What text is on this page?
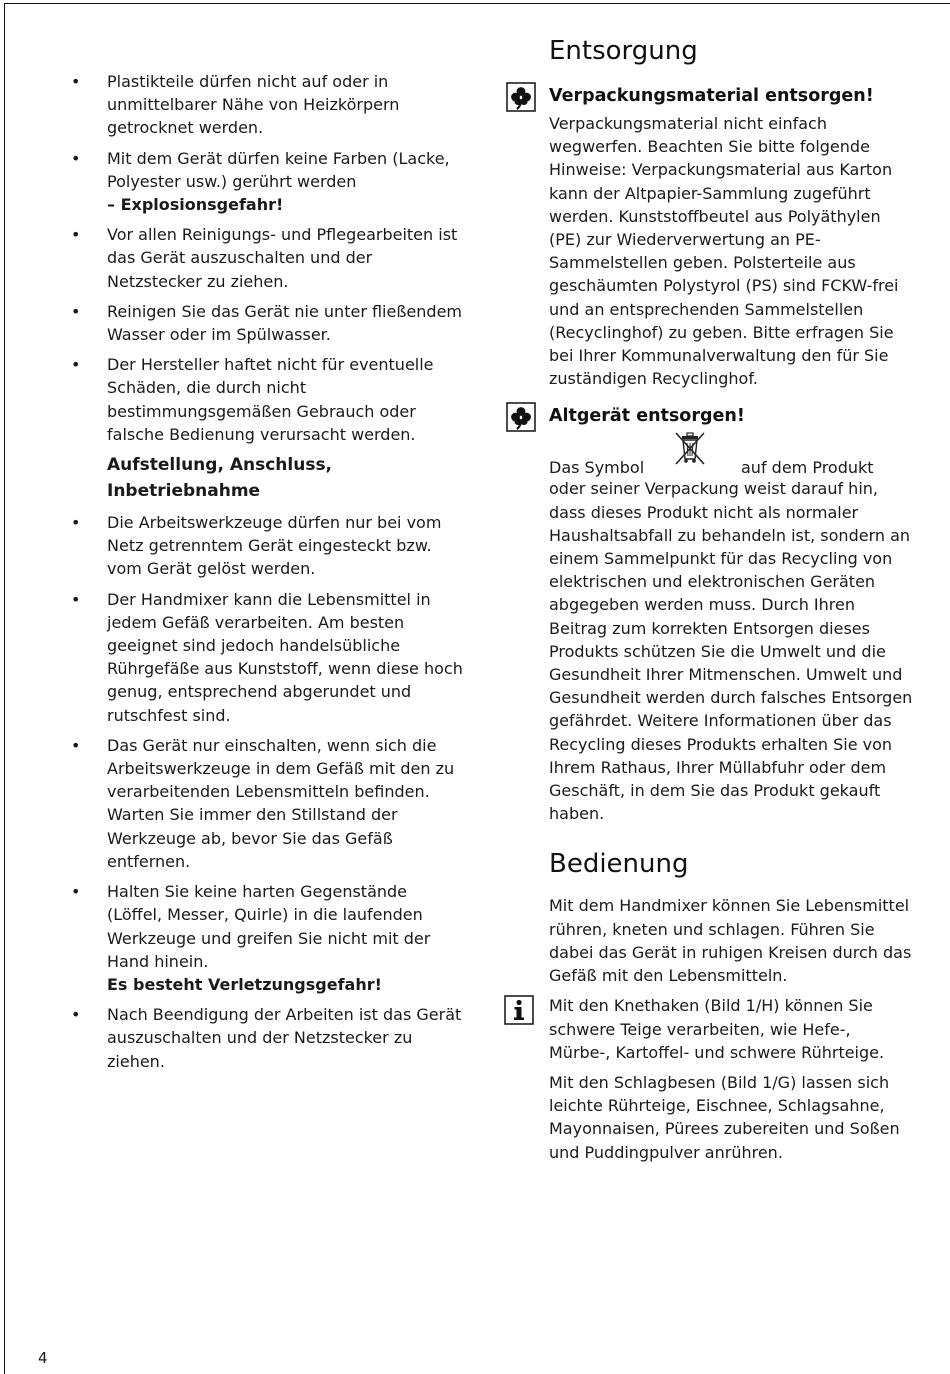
• Plastikteile dürfen nicht auf oder in unmittelbarer Nähe von Heizkörpern getrocknet werden.
• Mit dem Gerät dürfen keine Farben (Lacke, Polyester usw.) gerührt werden
– Explosionsgefahr!
• Vor allen Reinigungs- und Pflegearbeiten ist das Gerät auszuschalten und der Netzstecker zu ziehen.
• Reinigen Sie das Gerät nie unter fließendem Wasser oder im Spülwasser.
• Der Hersteller haftet nicht für eventuelle Schäden, die durch nicht bestimmungsgemäßen Gebrauch oder falsche Bedienung verursacht werden.
Aufstellung, Anschluss, Inbetriebnahme
• Die Arbeitswerkzeuge dürfen nur bei vom Netz getrenntem Gerät eingesteckt bzw. vom Gerät gelöst werden.
• Der Handmixer kann die Lebensmittel in jedem Gefäß verarbeiten. Am besten geeignet sind jedoch handelsübliche Rührgefäße aus Kunststoff, wenn diese hoch genug, entsprechend abgerundet und rutschfest sind.
• Das Gerät nur einschalten, wenn sich die Arbeitswerkzeuge in dem Gefäß mit den zu verarbeitenden Lebensmitteln befinden. Warten Sie immer den Stillstand der Werkzeuge ab, bevor Sie das Gefäß entfernen.
• Halten Sie keine harten Gegenstände (Löffel, Messer, Quirle) in die laufenden Werkzeuge und greifen Sie nicht mit der Hand hinein.
Es besteht Verletzungsgefahr!
• Nach Beendigung der Arbeiten ist das Gerät auszuschalten und der Netzstecker zu ziehen.
Entsorgung
Verpackungsmaterial entsorgen!

Verpackungsmaterial nicht einfach wegwerfen. Beachten Sie bitte folgende Hinweise: Verpackungsmaterial aus Karton kann der Altpapier-Sammlung zugeführt werden. Kunststoffbeutel aus Polyäthylen (PE) zur Wiederverwertung an PE-Sammelstellen geben. Polsterteile aus geschäumten Polystyrol (PS) sind FCKW-frei und an entsprechenden Sammelstellen (Recyclinghof) zu geben. Bitte erfragen Sie bei Ihrer Kommunalverwaltung den für Sie zuständigen Recyclinghof.

Altgerät entsorgen!
Das Symbol	auf dem Produkt

oder seiner Verpackung weist darauf hin, dass dieses Produkt nicht als normaler Haushaltsabfall zu behandeln ist, sondern an einem Sammelpunkt für das Recycling von elektrischen und elektronischen Geräten abgegeben werden muss. Durch Ihren Beitrag zum korrekten Entsorgen dieses Produkts schützen Sie die Umwelt und die Gesundheit Ihrer Mitmenschen. Umwelt und Gesundheit werden durch falsches Entsorgen gefährdet. Weitere Informationen über das Recycling dieses Produkts erhalten Sie von Ihrem Rathaus, Ihrer Müllabfuhr oder dem Geschäft, in dem Sie das Produkt gekauft haben.

Bedienung

Mit dem Handmixer können Sie Lebensmittel rühren, kneten und schlagen. Führen Sie dabei das Gerät in ruhigen Kreisen durch das Gefäß mit den Lebensmitteln.

Mit den Knethaken (Bild 1/H) können Sie schwere Teige verarbeiten, wie Hefe-, Mürbe-, Kartoffel- und schwere Rührteige.

Mit den Schlagbesen (Bild 1/G) lassen sich leichte Rührteige, Eischnee, Schlagsahne, Mayonnaisen, Pürees zubereiten und Soßen und Puddingpulver anrühren.

4
